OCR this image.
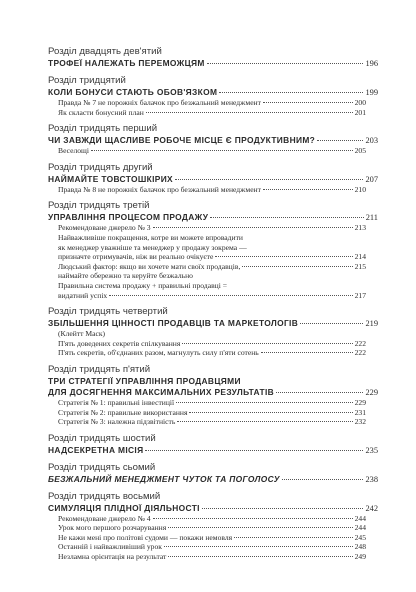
Розділ двадцять дев'ятий
ТРОФЕЇ НАЛЕЖАТЬ ПЕРЕМОЖЦЯМ	196
Розділ тридцятий
КОЛИ БОНУСИ СТАЮТЬ ОБОВ'ЯЗКОМ	199
Правда № 7 не порожніх балачок про безжальний менеджмент	200
Як скласти бонусний план	201
Розділ тридцять перший
ЧИ ЗАВЖДИ ЩАСЛИВЕ РОБОЧЕ МІСЦЕ Є ПРОДУКТИВНИМ?	203
Веселощі	205
Розділ тридцять другий
НАЙМАЙТЕ ТОВСТОШКІРИХ	207
Правда № 8 не порожніх балачок про безжальний менеджмент	210
Розділ тридцять третій
УПРАВЛІННЯ ПРОЦЕСОМ ПРОДАЖУ	211
Рекомендоване джерело № 3	213
Найважливіше покращення, котре ви можете впровадити
як менеджер уважніше та менеджер у продажу зокрема —
призначте отримувачів, ніж ви реально очікуєте	214
Людський фактор: якщо ви хочете мати своїх продавців,	215
наймайте обережно та керуйте безжально
Правильна система продажу + правильні продавці =
видатний успіх	217
Розділ тридцять четвертий
ЗБІЛЬШЕННЯ ЦІННОСТІ ПРОДАВЦІВ ТА МАРКЕТОЛОГІВ	219
(Клейтт Маск)
П'ять доведених секретів спілкування	222
П'ять секретів, об'єднаних разом, магнулуть силу п'яти сотень	222
Розділ тридцять п'ятий
ТРИ СТРАТЕГІЇ УПРАВЛІННЯ ПРОДАВЦЯМИ
ДЛЯ ДОСЯГНЕННЯ МАКСИМАЛЬНИХ РЕЗУЛЬТАТІВ	229
Стратегія № 1: правильні інвестиції	229
Стратегія № 2: правильне використання	231
Стратегія № 3: належна підзвітність	232
Розділ тридцять шостий
НАДСЕКРЕТНА МІСІЯ	235
Розділ тридцять сьомий
БЕЗЖАЛЬНИЙ МЕНЕДЖМЕНТ ЧУТОК ТА ПОГОЛОСУ	238
Розділ тридцять восьмий
СИМУЛЯЦІЯ ПЛІДНОЇ ДІЯЛЬНОСТІ	242
Рекомендоване джерело № 4	244
Урок мого першого розчарування	244
Не кажи мені про політові судоми — покажи немовля	245
Останній і найважливіший урок	248
Незламна орієнтація на результат	249
